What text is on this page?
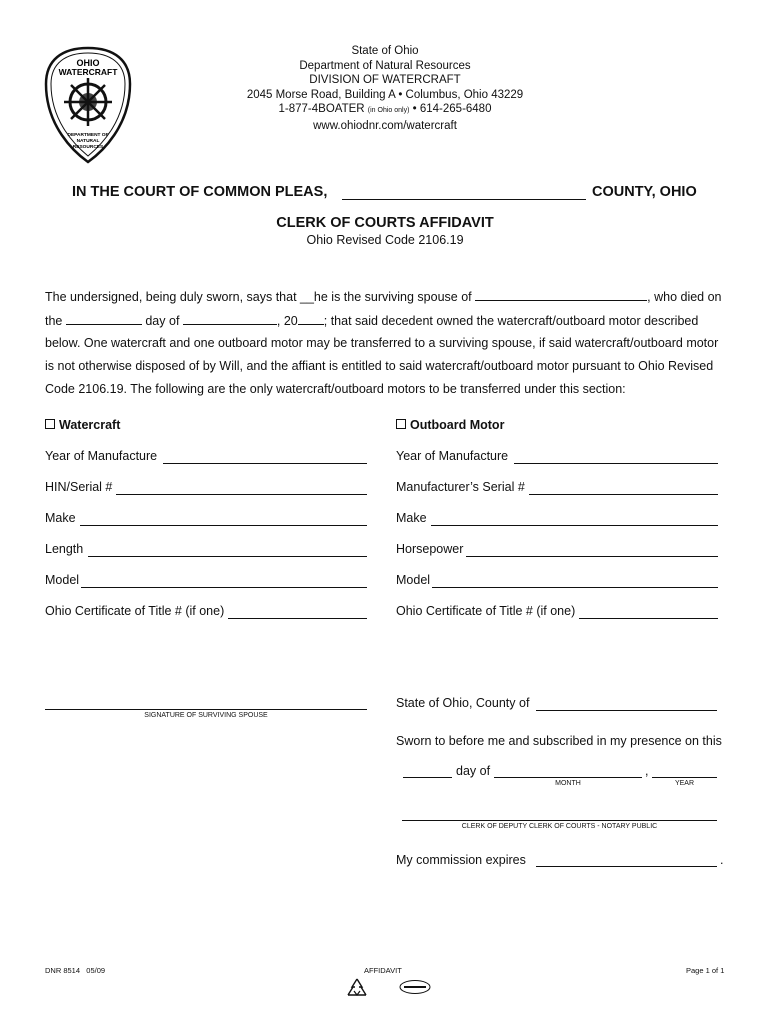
OHIO
WATERCRAFT
DEPARTMENT OF
NATURAL
RESOURCES
State of Ohio
Department of Natural Resources
DIVISION OF WATERCRAFT
2045 Morse Road, Building A • Columbus, Ohio 43229
1-877-4BOATER (in Ohio only) • 614-265-6480
www.ohiodnr.com/watercraft
IN THE COURT OF COMMON PLEAS,	COUNTY, OHIO
CLERK OF COURTS AFFIDAVIT
Ohio Revised Code 2106.19
The undersigned, being duly sworn, says that __he is the surviving spouse of	, who died on
the	day of	, 20 ; that said decedent owned the watercraft/outboard motor described
below. One watercraft and one outboard motor may be transferred to a surviving spouse, if said watercraft/outboard motor
is not otherwise disposed of by Will, and the affiant is entitled to said watercraft/outboard motor pursuant to Ohio Revised
Code 2106.19. The following are the only watercraft/outboard motors to be transferred under this section:
Watercraft
Year of Manufacture
HIN/Serial #
Make
Length
Model
Ohio Certificate of Title # (if one)
Outboard Motor
Year of Manufacture
Manufacturer’s Serial #
Make
Horsepower
Model
Ohio Certificate of Title # (if one)
SIGNATURE OF SURVIVING SPOUSE
State of Ohio, County of
Sworn to before me and subscribed in my presence on this
day of	,
MONTH	YEAR
CLERK OF DEPUTY CLERK OF COURTS - NOTARY PUBLIC
My commission expires	.
DNR 8514   05/09	AFFIDAVIT	Page 1 of 1
